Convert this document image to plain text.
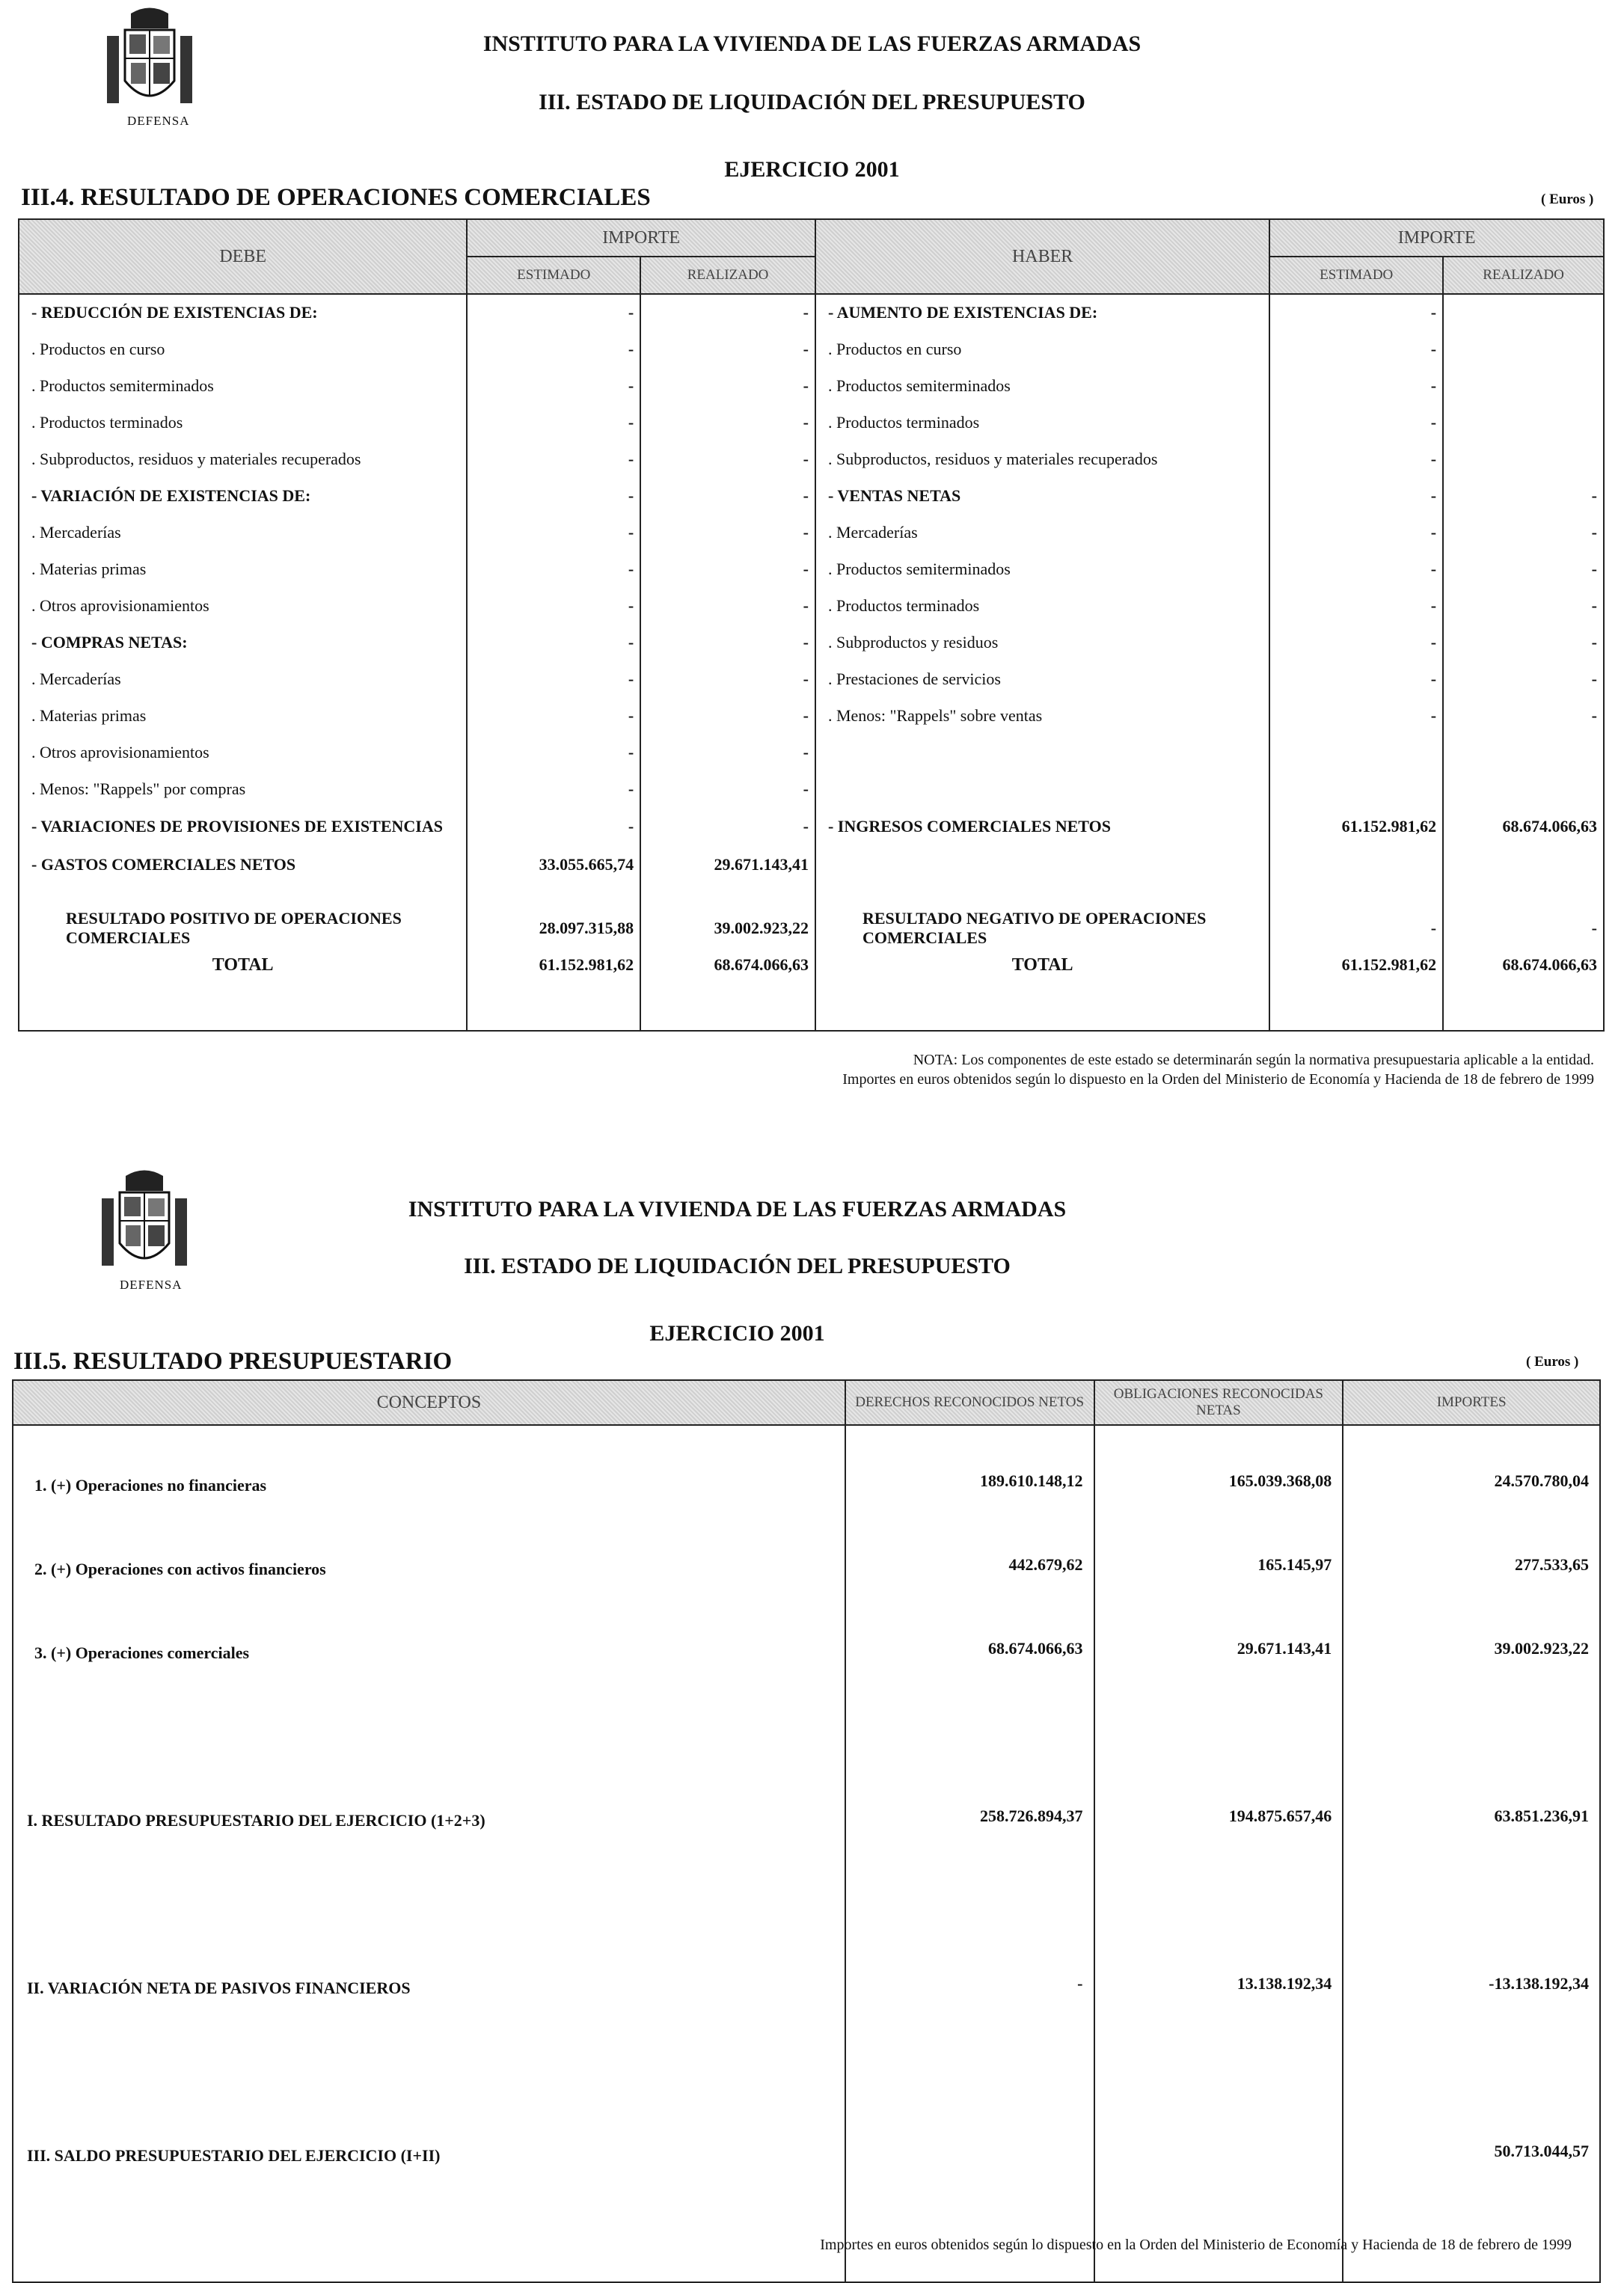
DEFENSA
INSTITUTO PARA LA VIVIENDA DE LAS FUERZAS ARMADAS
III. ESTADO DE LIQUIDACIÓN DEL PRESUPUESTO
EJERCICIO 2001
III.4. RESULTADO DE OPERACIONES COMERCIALES	( Euros )
DEBE	IMPORTE		HABER	IMPORTE	
	ESTIMADO	REALIZADO		ESTIMADO	REALIZADO
- REDUCCIÓN DE EXISTENCIAS DE:	-	-	- AUMENTO DE EXISTENCIAS DE:	-	
. Productos en curso	-	-	. Productos en curso	-	
. Productos semiterminados	-	-	. Productos semiterminados	-	
. Productos terminados	-	-	. Productos terminados	-	
. Subproductos, residuos y materiales recuperados	-	-	. Subproductos, residuos y materiales recuperados	-	
- VARIACIÓN DE EXISTENCIAS DE:	-	-	- VENTAS NETAS	-	-
. Mercaderías	-	-	. Mercaderías	-	-
. Materias primas	-	-	. Productos semiterminados	-	-
. Otros aprovisionamientos	-	-	. Productos terminados	-	-
- COMPRAS NETAS:	-	-	. Subproductos y residuos	-	-
. Mercaderías	-	-	. Prestaciones de servicios	-	-
. Materias primas	-	-	. Menos: "Rappels" sobre ventas	-	-
. Otros aprovisionamientos	-	-			
. Menos: "Rappels" por compras	-	-			
- VARIACIONES DE PROVISIONES DE EXISTENCIAS	-	-	- INGRESOS COMERCIALES NETOS	61.152.981,62	68.674.066,63
- GASTOS COMERCIALES NETOS	33.055.665,74	29.671.143,41			

RESULTADO POSITIVO DE OPERACIONES COMERCIALES	28.097.315,88	39.002.923,22	RESULTADO NEGATIVO DE OPERACIONES COMERCIALES	-	-
TOTAL	61.152.981,62	68.674.066,63	TOTAL	61.152.981,62	68.674.066,63

NOTA: Los componentes de este estado se determinarán según la normativa presupuestaria aplicable a la entidad.
Importes en euros obtenidos según lo dispuesto en la Orden del Ministerio de Economía y Hacienda de 18 de febrero de 1999
DEFENSA
INSTITUTO PARA LA VIVIENDA DE LAS FUERZAS ARMADAS
III. ESTADO DE LIQUIDACIÓN DEL PRESUPUESTO
EJERCICIO 2001
III.5. RESULTADO PRESUPUESTARIO	( Euros )
CONCEPTOS	DERECHOS RECONOCIDOS NETOS	OBLIGACIONES RECONOCIDAS NETAS	IMPORTES
1. (+) Operaciones no financieras	189.610.148,12	165.039.368,08	24.570.780,04
2. (+) Operaciones con activos financieros	442.679,62	165.145,97	277.533,65
3. (+) Operaciones comerciales	68.674.066,63	29.671.143,41	39.002.923,22
I. RESULTADO PRESUPUESTARIO DEL EJERCICIO (1+2+3)	258.726.894,37	194.875.657,46	63.851.236,91
II. VARIACIÓN NETA DE PASIVOS FINANCIEROS	-	13.138.192,34	-13.138.192,34
III. SALDO PRESUPUESTARIO DEL EJERCICIO (I+II)			50.713.044,57

Importes en euros obtenidos según lo dispuesto en la Orden del Ministerio de Economía y Hacienda de 18 de febrero de 1999
